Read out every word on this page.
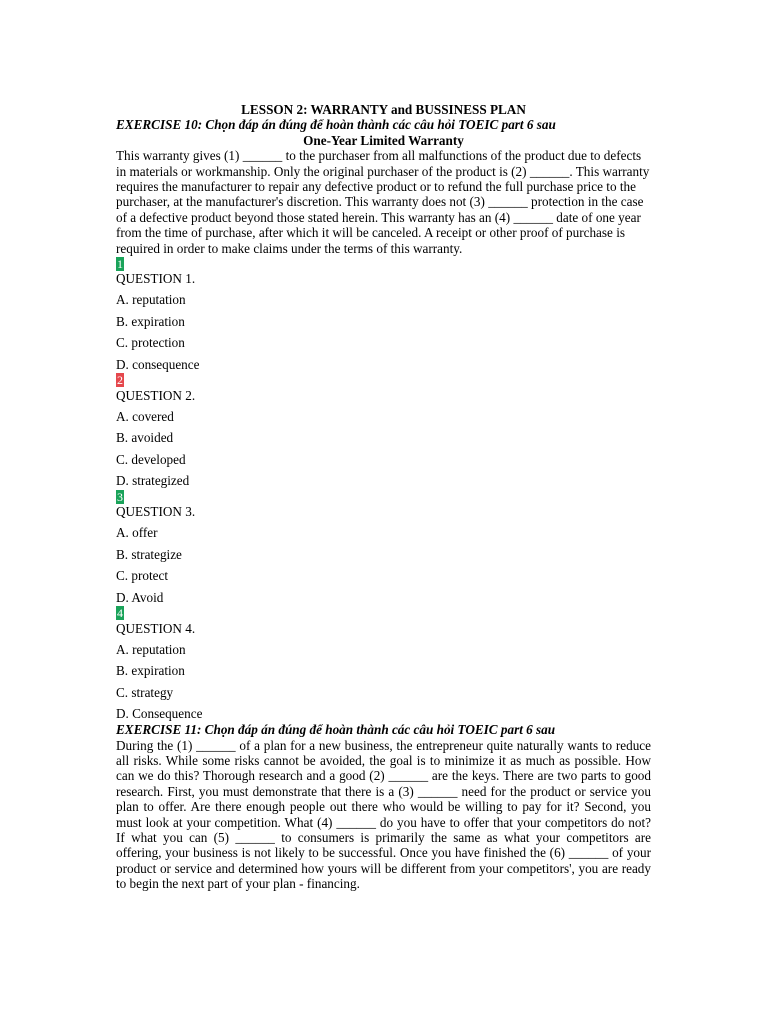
LESSON 2: WARRANTY and BUSSINESS PLAN

EXERCISE 10: Chọn đáp án đúng để hoàn thành các câu hỏi TOEIC part 6 sau

One-Year Limited Warranty

This warranty gives (1) ______ to the purchaser from all malfunctions of the product due to defects in materials or workmanship. Only the original purchaser of the product is (2) ______. This warranty requires the manufacturer to repair any defective product or to refund the full purchase price to the purchaser, at the manufacturer's discretion. This warranty does not (3) ______ protection in the case of a defective product beyond those stated herein. This warranty has an (4) ______ date of one year from the time of purchase, after which it will be canceled. A receipt or other proof of purchase is required in order to make claims under the terms of this warranty.

1

QUESTION 1.

A. reputation

B. expiration

C. protection

D. consequence

2

QUESTION 2.

A. covered

B. avoided

C. developed

D. strategized

3

QUESTION 3.

A. offer

B. strategize

C. protect

D. Avoid

4

QUESTION 4.

A. reputation

B. expiration

C. strategy

D. Consequence

EXERCISE 11: Chọn đáp án đúng để hoàn thành các câu hỏi TOEIC part 6 sau

During the (1) ______ of a plan for a new business, the entrepreneur quite naturally wants to reduce all risks. While some risks cannot be avoided, the goal is to minimize it as much as possible. How can we do this? Thorough research and a good (2) ______ are the keys. There are two parts to good research. First, you must demonstrate that there is a (3) ______ need for the product or service you plan to offer. Are there enough people out there who would be willing to pay for it? Second, you must look at your competition. What (4) ______ do you have to offer that your competitors do not? If what you can (5) ______ to consumers is primarily the same as what your competitors are offering, your business is not likely to be successful. Once you have finished the (6) ______ of your product or service and determined how yours will be different from your competitors', you are ready to begin the next part of your plan - financing.
